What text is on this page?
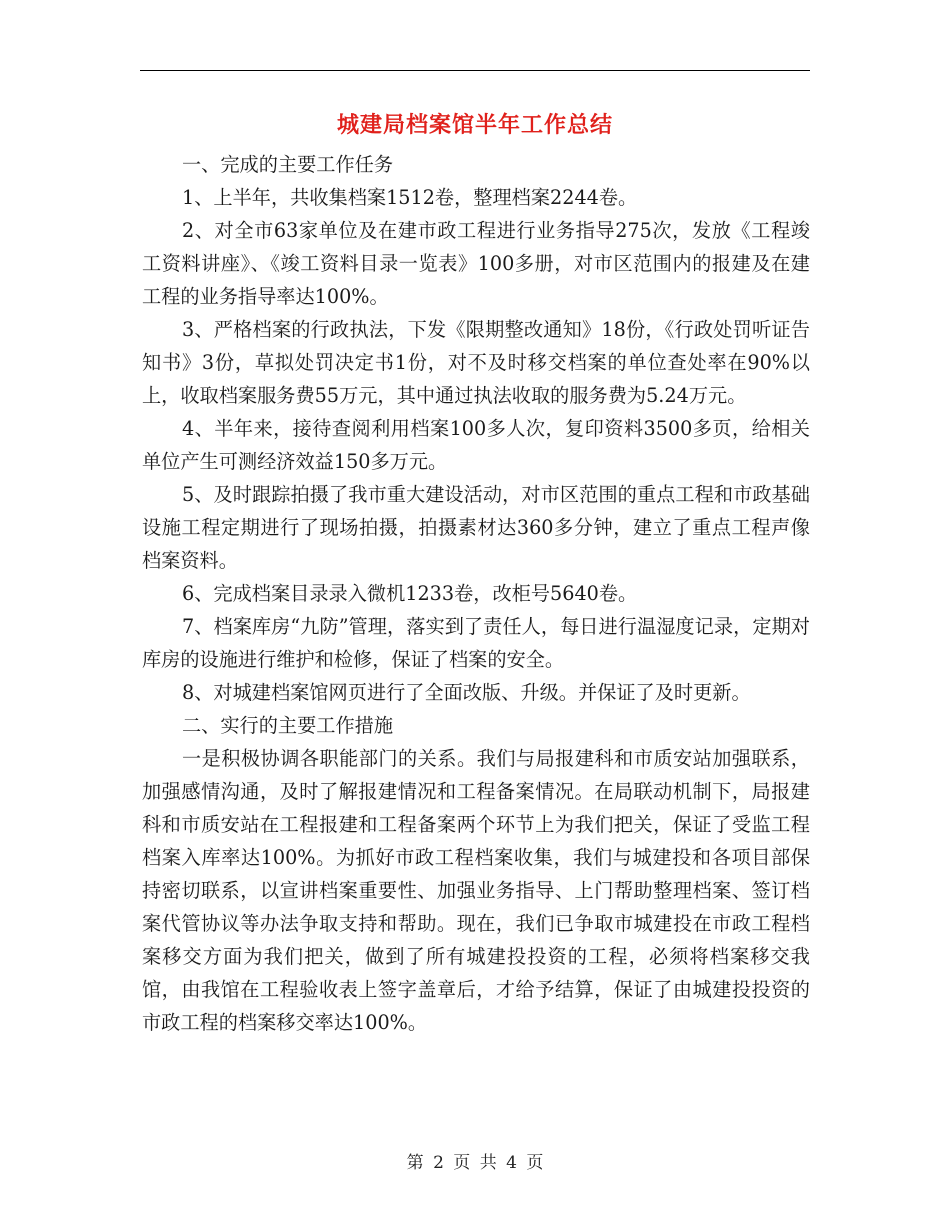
城建局档案馆半年工作总结

一、完成的主要工作任务

1、上半年，共收集档案1512卷，整理档案2244卷。

2、对全市63家单位及在建市政工程进行业务指导275次，发放《工程竣工资料讲座》、《竣工资料目录一览表》100多册，对市区范围内的报建及在建工程的业务指导率达100%。

3、严格档案的行政执法，下发《限期整改通知》18份，《行政处罚听证告知书》3份，草拟处罚决定书1份，对不及时移交档案的单位查处率在90%以上，收取档案服务费55万元，其中通过执法收取的服务费为5.24万元。

4、半年来，接待查阅利用档案100多人次，复印资料3500多页，给相关单位产生可测经济效益150多万元。

5、及时跟踪拍摄了我市重大建设活动，对市区范围的重点工程和市政基础设施工程定期进行了现场拍摄，拍摄素材达360多分钟，建立了重点工程声像档案资料。

6、完成档案目录录入微机1233卷，改柜号5640卷。

7、档案库房“九防”管理，落实到了责任人，每日进行温湿度记录，定期对库房的设施进行维护和检修，保证了档案的安全。

8、对城建档案馆网页进行了全面改版、升级。并保证了及时更新。

二、实行的主要工作措施

一是积极协调各职能部门的关系。我们与局报建科和市质安站加强联系，加强感情沟通，及时了解报建情况和工程备案情况。在局联动机制下，局报建科和市质安站在工程报建和工程备案两个环节上为我们把关，保证了受监工程档案入库率达100%。为抓好市政工程档案收集，我们与城建投和各项目部保持密切联系，以宣讲档案重要性、加强业务指导、上门帮助整理档案、签订档案代管协议等办法争取支持和帮助。现在，我们已争取市城建投在市政工程档案移交方面为我们把关，做到了所有城建投投资的工程，必须将档案移交我馆，由我馆在工程验收表上签字盖章后，才给予结算，保证了由城建投投资的市政工程的档案移交率达100%。

第 2 页 共 4 页
